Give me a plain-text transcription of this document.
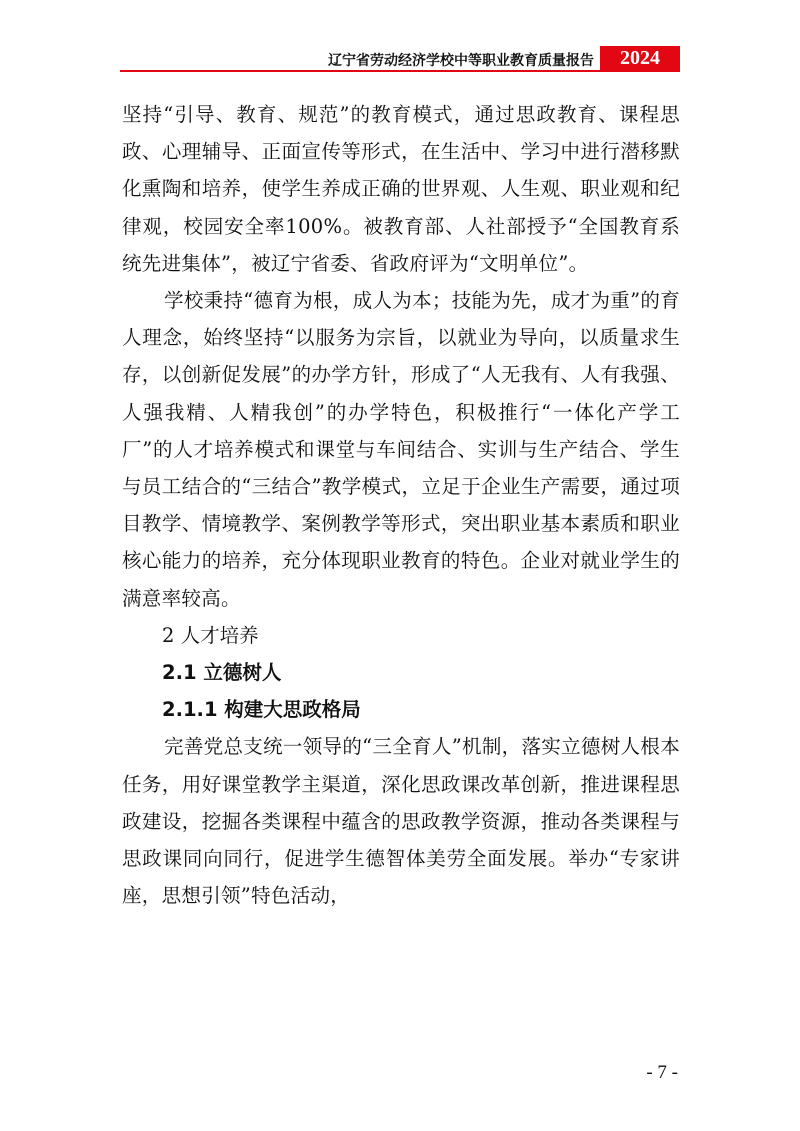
辽宁省劳动经济学校中等职业教育质量报告	2024

坚持“引导、教育、规范”的教育模式，通过思政教育、课程思政、心理辅导、正面宣传等形式，在生活中、学习中进行潜移默化熏陶和培养，使学生养成正确的世界观、人生观、职业观和纪律观，校园安全率100%。被教育部、人社部授予“全国教育系统先进集体”，被辽宁省委、省政府评为“文明单位”。

学校秉持“德育为根，成人为本；技能为先，成才为重”的育人理念，始终坚持“以服务为宗旨，以就业为导向，以质量求生存，以创新促发展”的办学方针，形成了“人无我有、人有我强、人强我精、人精我创”的办学特色，积极推行“一体化产学工厂”的人才培养模式和课堂与车间结合、实训与生产结合、学生与员工结合的“三结合”教学模式，立足于企业生产需要，通过项目教学、情境教学、案例教学等形式，突出职业基本素质和职业核心能力的培养，充分体现职业教育的特色。企业对就业学生的满意率较高。

2 人才培养

2.1 立德树人

2.1.1 构建大思政格局

完善党总支统一领导的“三全育人”机制，落实立德树人根本任务，用好课堂教学主渠道，深化思政课改革创新，推进课程思政建设，挖掘各类课程中蕴含的思政教学资源，推动各类课程与思政课同向同行，促进学生德智体美劳全面发展。举办“专家讲座，思想引领”特色活动，

- 7 -
